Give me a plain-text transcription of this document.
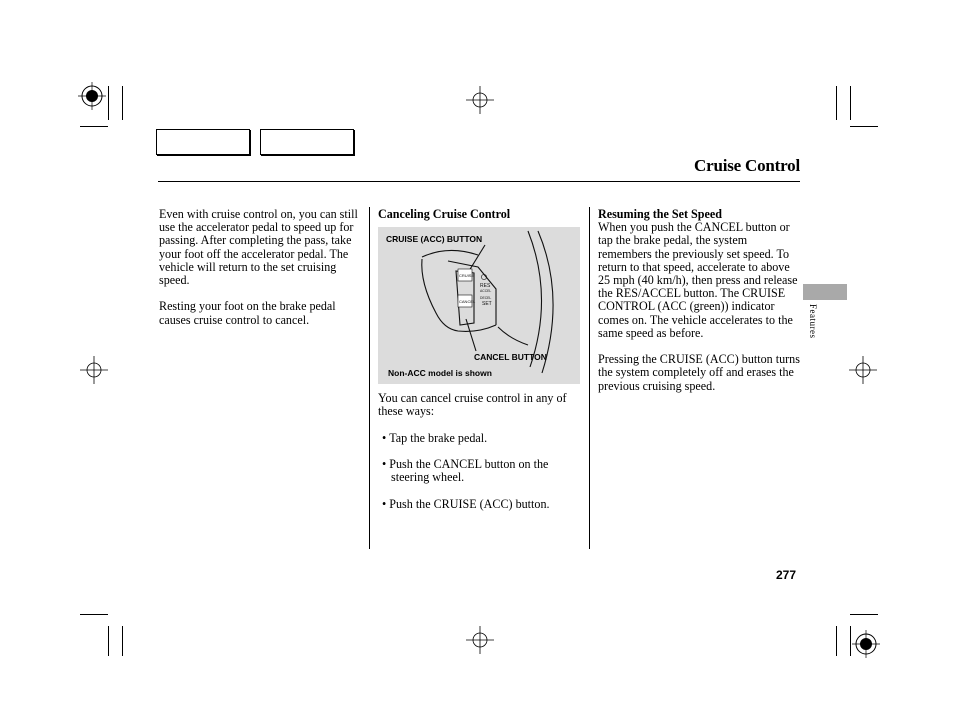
Cruise Control

Even with cruise control on, you can still use the accelerator pedal to speed up for passing. After completing the pass, take your foot off the accelerator pedal. The vehicle will return to the set cruising speed.

Resting your foot on the brake pedal causes cruise control to cancel.

Canceling Cruise Control
CRUISE
CANCEL
RES
ACCEL
DECEL
SET
CRUISE (ACC) BUTTON
CANCEL BUTTON
Non-ACC model is shown

You can cancel cruise control in any of these ways:

• Tap the brake pedal.

• Push the CANCEL button on the steering wheel.

• Push the CRUISE (ACC) button.

Resuming the Set Speed

When you push the CANCEL button or tap the brake pedal, the system remembers the previously set speed. To return to that speed, accelerate to above 25 mph (40 km/h), then press and release the RES/ACCEL button. The CRUISE CONTROL (ACC (green)) indicator comes on. The vehicle accelerates to the same speed as before.

Pressing the CRUISE (ACC) button turns the system completely off and erases the previous cruising speed.

Features
277
